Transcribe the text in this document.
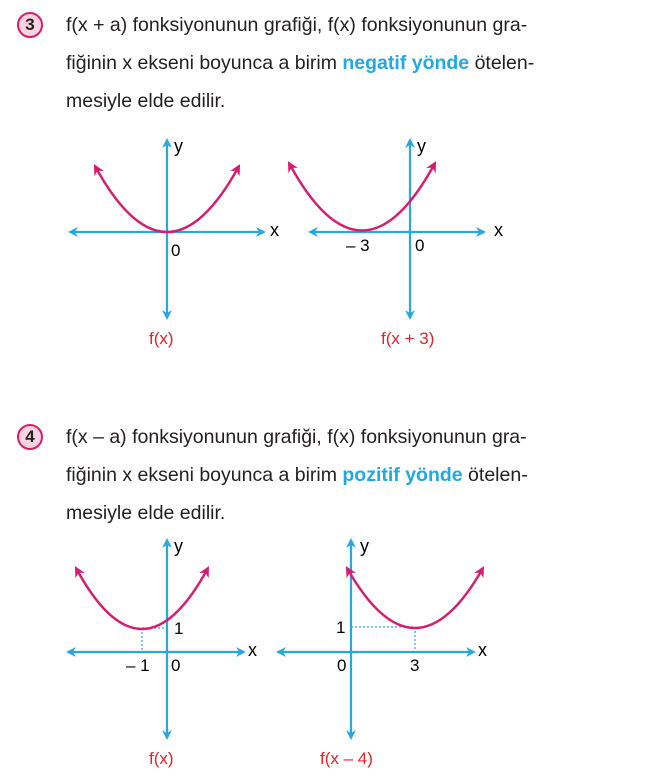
3 f(x + a) fonksiyonunun grafiği, f(x) fonksiyonunun gra-
fiğinin x ekseni boyunca a birim negatif yönde ötelen-
mesiyle elde edilir.
4 f(x – a) fonksiyonunun grafiği, f(x) fonksiyonunun gra-
fiğinin x ekseni boyunca a birim pozitif yönde ötelen-
mesiyle elde edilir.
x
y
0
f(x)
x
y
– 3	0
f(x + 3)
x
y
1
– 1 0
f(x)
x
y
1
0	3
f(x – 4)
